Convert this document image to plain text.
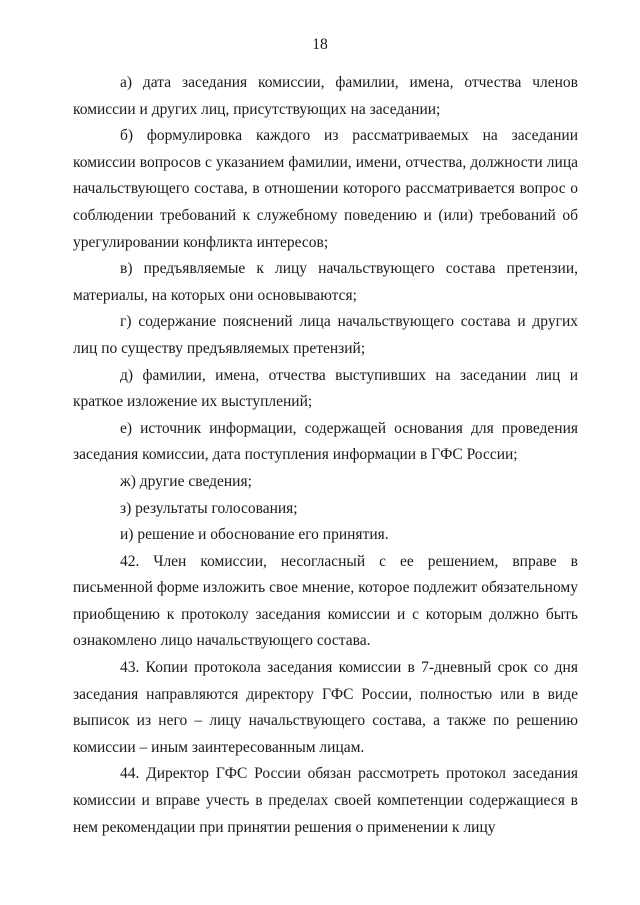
18

а) дата заседания комиссии, фамилии, имена, отчества членов комиссии и других лиц, присутствующих на заседании;

б) формулировка каждого из рассматриваемых на заседании комиссии вопросов с указанием фамилии, имени, отчества, должности лица начальствующего состава, в отношении которого рассматривается вопрос о соблюдении требований к служебному поведению и (или) требований об урегулировании конфликта интересов;

в) предъявляемые к лицу начальствующего состава претензии, материалы, на которых они основываются;

г) содержание пояснений лица начальствующего состава и других лиц по существу предъявляемых претензий;

д) фамилии, имена, отчества выступивших на заседании лиц и краткое изложение их выступлений;

е) источник информации, содержащей основания для проведения заседания комиссии, дата поступления информации в ГФС России;

ж) другие сведения;

з) результаты голосования;

и) решение и обоснование его принятия.

42. Член комиссии, несогласный с ее решением, вправе в письменной форме изложить свое мнение, которое подлежит обязательному приобщению к протоколу заседания комиссии и с которым должно быть ознакомлено лицо начальствующего состава.

43. Копии протокола заседания комиссии в 7-дневный срок со дня заседания направляются директору ГФС России, полностью или в виде выписок из него – лицу начальствующего состава, а также по решению комиссии – иным заинтересованным лицам.

44. Директор ГФС России обязан рассмотреть протокол заседания комиссии и вправе учесть в пределах своей компетенции содержащиеся в нем рекомендации при принятии решения о применении к лицу
